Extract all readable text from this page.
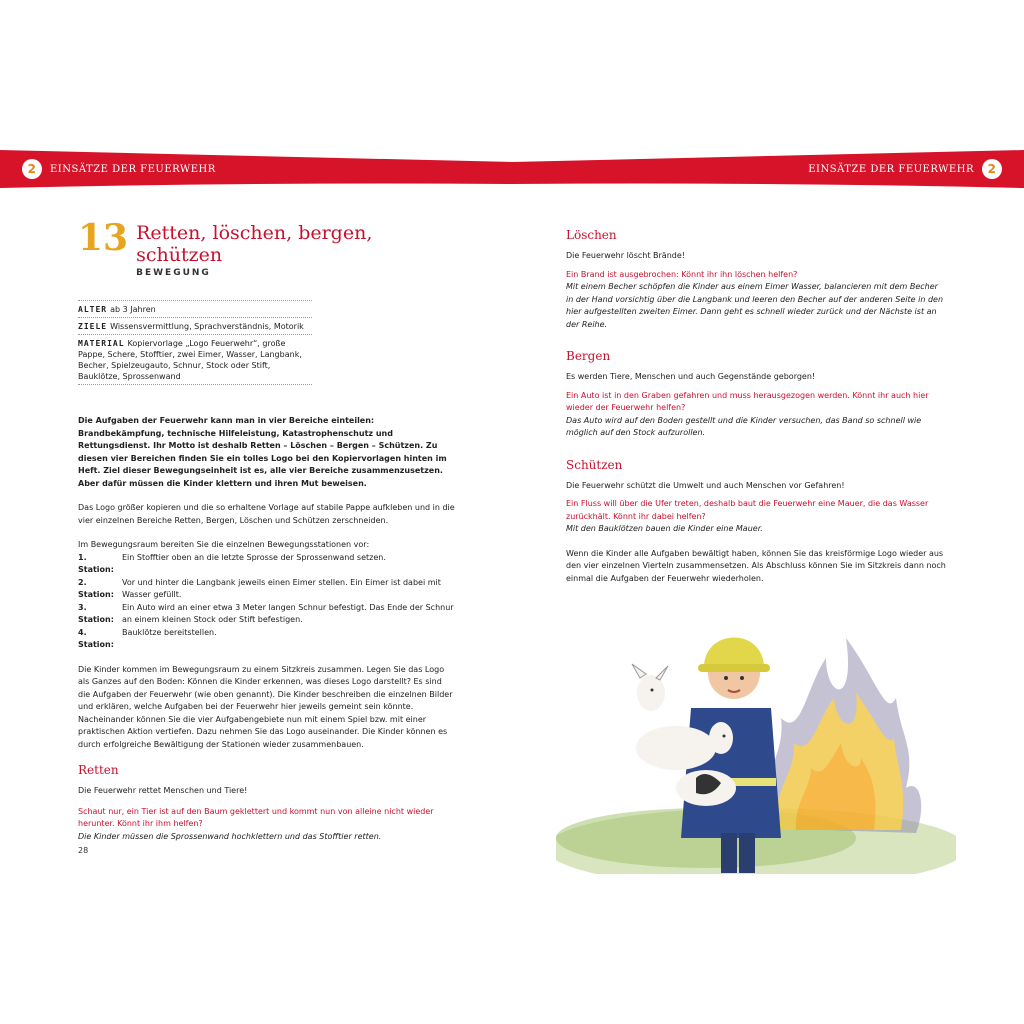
2	EINSÄTZE DER FEUERWEHR	EINSÄTZE DER FEUERWEHR	2
13 Retten, löschen, bergen, schützen
BEWEGUNG
ALTER ab 3 Jahren
ZIELE Wissensvermittlung, Sprachverständnis, Motorik
MATERIAL Kopiervorlage „Logo Feuerwehr“, große Pappe, Schere, Stofftier, zwei Eimer, Wasser, Langbank, Becher, Spielzeugauto, Schnur, Stock oder Stift, Bauklötze, Sprossenwand

Die Aufgaben der Feuerwehr kann man in vier Bereiche einteilen: Brandbekämpfung, technische Hilfeleistung, Katastrophenschutz und Rettungsdienst. Ihr Motto ist deshalb Retten – Löschen – Bergen – Schützen. Zu diesen vier Bereichen finden Sie ein tolles Logo bei den Kopiervorlagen hinten im Heft. Ziel dieser Bewegungseinheit ist es, alle vier Bereiche zusammenzusetzen. Aber dafür müssen die Kinder klettern und ihren Mut beweisen.

Das Logo größer kopieren und die so erhaltene Vorlage auf stabile Pappe aufkleben und in die vier einzelnen Bereiche Retten, Bergen, Löschen und Schützen zerschneiden.

Im Bewegungsraum bereiten Sie die einzelnen Bewegungsstationen vor:

1. Station:
Ein Stofftier oben an die letzte Sprosse der Sprossenwand setzen.
2. Station:
Vor und hinter die Langbank jeweils einen Eimer stellen. Ein Eimer ist dabei mit Wasser gefüllt.
3. Station:
Ein Auto wird an einer etwa 3 Meter langen Schnur befestigt. Das Ende der Schnur an einem kleinen Stock oder Stift befestigen.
4. Station:
Bauklötze bereitstellen.

Die Kinder kommen im Bewegungsraum zu einem Sitzkreis zusammen. Legen Sie das Logo als Ganzes auf den Boden: Können die Kinder erkennen, was dieses Logo darstellt? Es sind die Aufgaben der Feuerwehr (wie oben genannt). Die Kinder beschreiben die einzelnen Bilder und erklären, welche Aufgaben bei der Feuerwehr hier jeweils gemeint sein könnte. Nacheinander können Sie die vier Aufgabengebiete nun mit einem Spiel bzw. mit einer praktischen Aktion vertiefen. Dazu nehmen Sie das Logo auseinander. Die Kinder können es durch erfolgreiche Bewältigung der Stationen wieder zusammenbauen.

Retten

Die Feuerwehr rettet Menschen und Tiere!

Schaut nur, ein Tier ist auf den Baum geklettert und kommt nun von alleine nicht wieder herunter. Könnt ihr ihm helfen?

Die Kinder müssen die Sprossenwand hochklettern und das Stofftier retten.

28
Löschen

Die Feuerwehr löscht Brände!

Ein Brand ist ausgebrochen: Könnt ihr ihn löschen helfen?

Mit einem Becher schöpfen die Kinder aus einem Eimer Wasser, balancieren mit dem Becher in der Hand vorsichtig über die Langbank und leeren den Becher auf der anderen Seite in den hier aufgestellten zweiten Eimer. Dann geht es schnell wieder zurück und der Nächste ist an der Reihe.

Bergen

Es werden Tiere, Menschen und auch Gegenstände geborgen!

Ein Auto ist in den Graben gefahren und muss herausgezogen werden. Könnt ihr auch hier wieder der Feuerwehr helfen?

Das Auto wird auf den Boden gestellt und die Kinder versuchen, das Band so schnell wie möglich auf den Stock aufzurollen.

Schützen

Die Feuerwehr schützt die Umwelt und auch Menschen vor Gefahren!

Ein Fluss will über die Ufer treten, deshalb baut die Feuerwehr eine Mauer, die das Wasser zurückhält. Könnt ihr dabei helfen?

Mit den Bauklötzen bauen die Kinder eine Mauer.

Wenn die Kinder alle Aufgaben bewältigt haben, können Sie das kreisförmige Logo wieder aus den vier einzelnen Vierteln zusammensetzen. Als Abschluss können Sie im Sitzkreis dann noch einmal die Aufgaben der Feuerwehr wiederholen.
